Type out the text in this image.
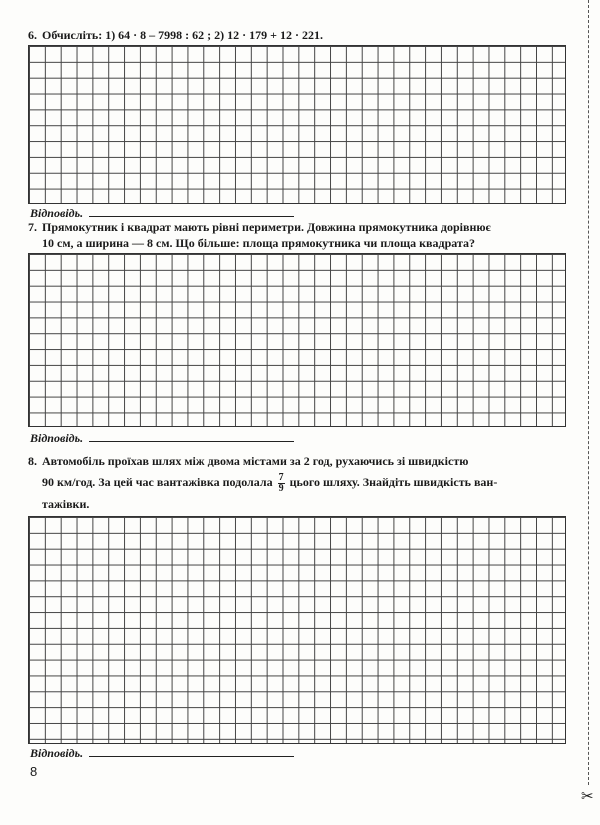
6. Обчисліть: 1) 64 · 8 – 7998 : 62 ; 2) 12 · 179 + 12 · 221.
Відповідь.
7. Прямокутник і квадрат мають рівні периметри. Довжина прямокутника дорівнює
10 см, а ширина — 8 см. Що більше: площа прямокутника чи площа квадрата?
Відповідь.
8. Автомобіль проїхав шлях між двома містами за 2 год, рухаючись зі швидкістю
90 км/год. За цей час вантажівка подолала $\frac{7}{9}$ цього шляху. Знайдіть швидкість ван-
тажівки.
Відповідь.
8
✂
